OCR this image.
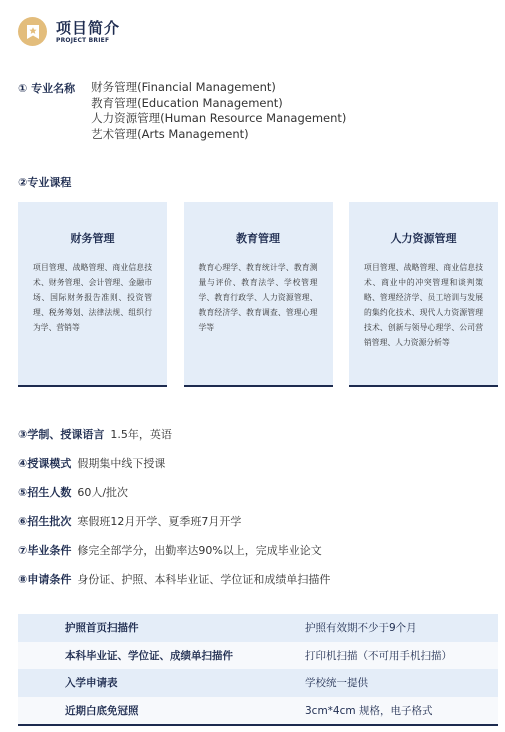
项目简介
PROJECT BRIEF
① 专业名称 财务管理(Financial Management)
教育管理(Education Management)
人力资源管理(Human Resource Management)
艺术管理(Arts Management)
②专业课程
财务管理
项目管理、战略管理、商业信息技术、财务管理、会计管理、金融市场、国际财务报告准则、投资管理、税务筹划、法律法规、组织行为学、营销等
教育管理
教育心理学、教育统计学、教育测量与评价、教育法学、学校管理学、教育行政学、人力资源管理、教育经济学、教育调查、管理心理学等
人力资源管理
项目管理、战略管理、商业信息技术、商业中的冲突管理和谈判策略、管理经济学、员工培训与发展的集约化技术、现代人力资源管理技术、创新与领导心理学、公司营销管理、人力资源分析等
③学制、授课语言 1.5年，英语
④授课模式 假期集中线下授课
⑤招生人数 60人/批次
⑥招生批次 寒假班12月开学、夏季班7月开学
⑦毕业条件 修完全部学分，出勤率达90%以上，完成毕业论文
⑧申请条件 身份证、护照、本科毕业证、学位证和成绩单扫描件
护照首页扫描件	护照有效期不少于9个月
本科毕业证、学位证、成绩单扫描件	打印机扫描（不可用手机扫描）
入学申请表	学校统一提供
近期白底免冠照	3cm*4cm 规格，电子格式
